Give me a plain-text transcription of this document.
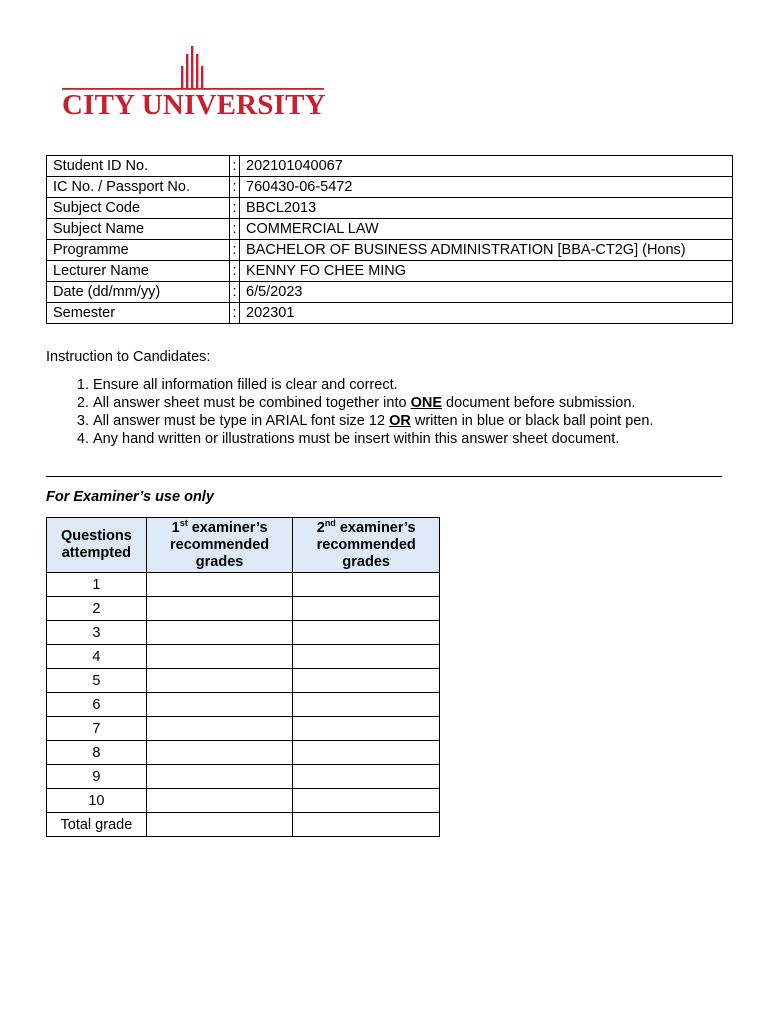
CITY UNIVERSITY
Student ID No.	:	202101040067
IC No. / Passport No.	:	760430-06-5472
Subject Code	:	BBCL2013
Subject Name	:	COMMERCIAL LAW
Programme	:	BACHELOR OF BUSINESS ADMINISTRATION [BBA-CT2G] (Hons)
Lecturer Name	:	KENNY FO CHEE MING
Date (dd/mm/yy)	:	6/5/2023
Semester	:	202301
Instruction to Candidates:
1. Ensure all information filled is clear and correct.
2. All answer sheet must be combined together into ONE document before submission.
3. All answer must be type in ARIAL font size 12 OR written in blue or black ball point pen.
4. Any hand written or illustrations must be insert within this answer sheet document.
For Examiner’s use only
Questions attempted	1st examiner’s recommended grades	2nd examiner’s recommended grades
1		
2		
3		
4		
5		
6		
7		
8		
9		
10		
Total grade		
